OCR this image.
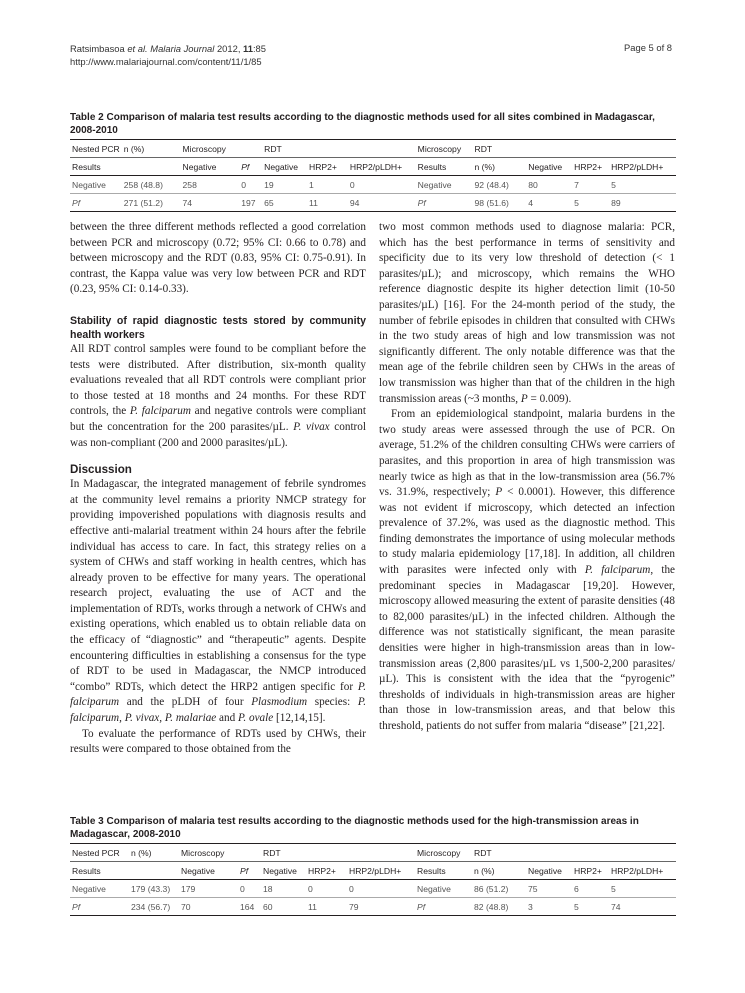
Ratsimbasoa et al. Malaria Journal 2012, 11:85
http://www.malariajournal.com/content/11/1/85
Page 5 of 8
Table 2 Comparison of malaria test results according to the diagnostic methods used for all sites combined in Madagascar, 2008-2010
Nested PCR	n (%)	Microscopy		RDT			Microscopy	RDT			
Results		Negative	Pf	Negative	HRP2+	HRP2/pLDH+	Results	n (%)	Negative	HRP2+	HRP2/pLDH+
Negative	258 (48.8)	258	0	19	1	0	Negative	92 (48.4)	80	7	5
Pf	271 (51.2)	74	197	65	11	94	Pf	98 (51.6)	4	5	89

between the three different methods reflected a good correlation between PCR and microscopy (0.72; 95% CI: 0.66 to 0.78) and between microscopy and the RDT (0.83, 95% CI: 0.75-0.91). In contrast, the Kappa value was very low between PCR and RDT (0.23, 95% CI: 0.14-0.33).

Stability of rapid diagnostic tests stored by community health workers

All RDT control samples were found to be compliant before the tests were distributed. After distribution, six-month quality evaluations revealed that all RDT controls were compliant prior to those tested at 18 months and 24 months. For these RDT controls, the P. falciparum and negative controls were compliant but the concentration for the 200 parasites/µL. P. vivax control was non-compliant (200 and 2000 parasites/µL).

Discussion

In Madagascar, the integrated management of febrile syndromes at the community level remains a priority NMCP strategy for providing impoverished populations with diagnosis results and effective anti-malarial treatment within 24 hours after the febrile individual has access to care. In fact, this strategy relies on a system of CHWs and staff working in health centres, which has already proven to be effective for many years. The operational research project, evaluating the use of ACT and the implementation of RDTs, works through a network of CHWs and existing operations, which enabled us to obtain reliable data on the efficacy of “diagnostic” and “therapeutic” agents. Despite encountering difficulties in establishing a consensus for the type of RDT to be used in Madagascar, the NMCP introduced “combo” RDTs, which detect the HRP2 antigen specific for P. falciparum and the pLDH of four Plasmodium species: P. falciparum, P. vivax, P. malariae and P. ovale [12,14,15].

To evaluate the performance of RDTs used by CHWs, their results were compared to those obtained from the

two most common methods used to diagnose malaria: PCR, which has the best performance in terms of sensitivity and specificity due to its very low threshold of detection (< 1 parasites/µL); and microscopy, which remains the WHO reference diagnostic despite its higher detection limit (10-50 parasites/µL) [16]. For the 24-month period of the study, the number of febrile episodes in children that consulted with CHWs in the two study areas of high and low transmission was not significantly different. The only notable difference was that the mean age of the febrile children seen by CHWs in the areas of low transmission was higher than that of the children in the high transmission areas (~3 months, P = 0.009).

From an epidemiological standpoint, malaria burdens in the two study areas were assessed through the use of PCR. On average, 51.2% of the children consulting CHWs were carriers of parasites, and this proportion in area of high transmission was nearly twice as high as that in the low-transmission area (56.7% vs. 31.9%, respectively; P < 0.0001). However, this difference was not evident if microscopy, which detected an infection prevalence of 37.2%, was used as the diagnostic method. This finding demonstrates the importance of using molecular methods to study malaria epidemiology [17,18]. In addition, all children with parasites were infected only with P. falciparum, the predominant species in Madagascar [19,20]. However, microscopy allowed measuring the extent of parasite densities (48 to 82,000 parasites/µL) in the infected children. Although the difference was not statistically significant, the mean parasite densities were higher in high-transmission areas than in low-transmission areas (2,800 parasites/µL vs 1,500-2,200 parasites/µL). This is consistent with the idea that the “pyrogenic” thresholds of individuals in high-transmission areas are higher than those in low-transmission areas, and that below this threshold, patients do not suffer from malaria “disease” [21,22].

Table 3 Comparison of malaria test results according to the diagnostic methods used for the high-transmission areas in Madagascar, 2008-2010
Nested PCR	n (%)	Microscopy		RDT			Microscopy	RDT			
Results		Negative	Pf	Negative	HRP2+	HRP2/pLDH+	Results	n (%)	Negative	HRP2+	HRP2/pLDH+
Negative	179 (43.3)	179	0	18	0	0	Negative	86 (51.2)	75	6	5
Pf	234 (56.7)	70	164	60	11	79	Pf	82 (48.8)	3	5	74
